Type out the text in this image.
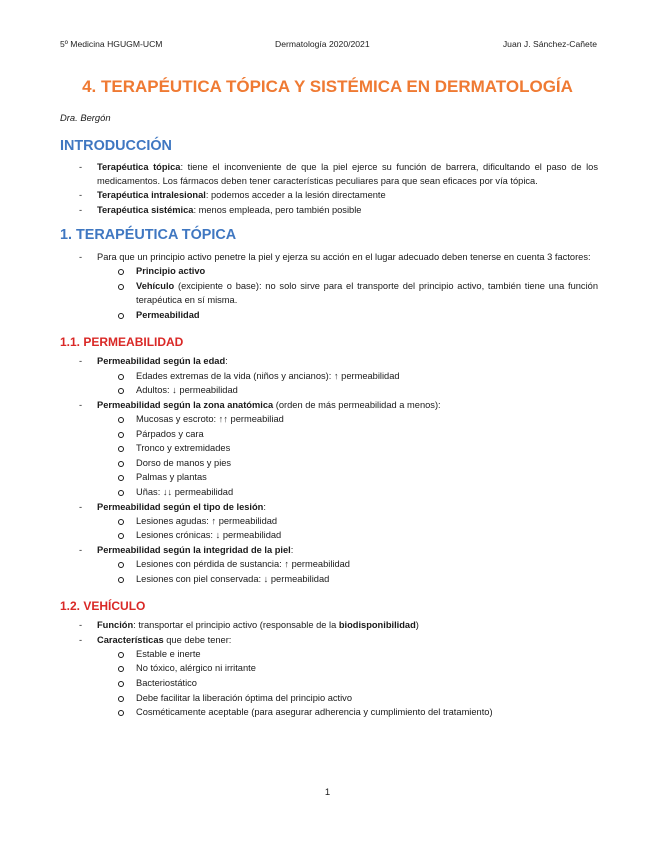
5º Medicina HGUGM-UCM	Dermatología 2020/2021	Juan J. Sánchez-Cañete
4. TERAPÉUTICA TÓPICA Y SISTÉMICA EN DERMATOLOGÍA
Dra. Bergón
INTRODUCCIÓN
- Terapéutica tópica: tiene el inconveniente de que la piel ejerce su función de barrera, dificultando el paso de los medicamentos. Los fármacos deben tener características peculiares para que sean eficaces por vía tópica.
- Terapéutica intralesional: podemos acceder a la lesión directamente
- Terapéutica sistémica: menos empleada, pero también posible
1. TERAPÉUTICA TÓPICA
- Para que un principio activo penetre la piel y ejerza su acción en el lugar adecuado deben tenerse en cuenta 3 factores:
Principio activo
Vehículo (excipiente o base): no solo sirve para el transporte del principio activo, también tiene una función terapéutica en sí misma.
Permeabilidad
1.1. PERMEABILIDAD
- Permeabilidad según la edad:
Edades extremas de la vida (niños y ancianos): ↑ permeabilidad
Adultos: ↓ permeabilidad
- Permeabilidad según la zona anatómica (orden de más permeabilidad a menos):
Mucosas y escroto: ↑↑ permeabiliad
Párpados y cara
Tronco y extremidades
Dorso de manos y pies
Palmas y plantas
Uñas: ↓↓ permeabilidad
- Permeabilidad según el tipo de lesión:
Lesiones agudas: ↑ permeabilidad
Lesiones crónicas: ↓ permeabilidad
- Permeabilidad según la integridad de la piel:
Lesiones con pérdida de sustancia: ↑ permeabilidad
Lesiones con piel conservada: ↓ permeabilidad
1.2. VEHÍCULO
- Función: transportar el principio activo (responsable de la biodisponibilidad)
- Características que debe tener:
Estable e inerte
No tóxico, alérgico ni irritante
Bacteriostático
Debe facilitar la liberación óptima del principio activo
Cosméticamente aceptable (para asegurar adherencia y cumplimiento del tratamiento)
1
